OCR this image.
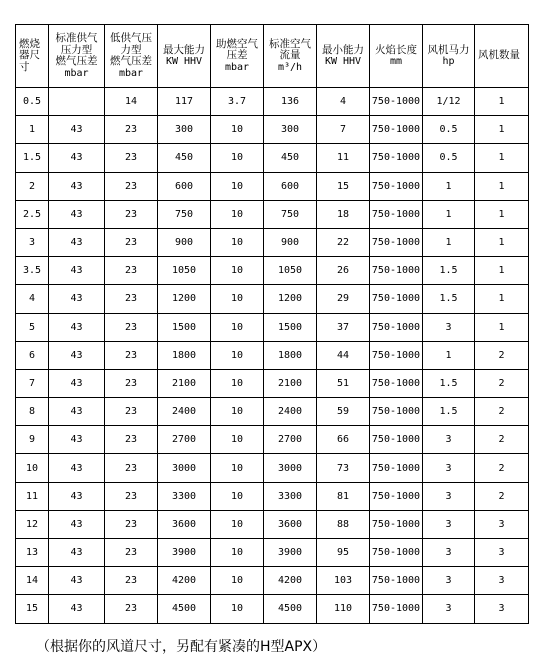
燃烧
器尺
寸	标准供气
压力型
燃气压差
mbar	低供气压
力型
燃气压差
mbar	最大能力
KW HHV	助燃空气
压差
mbar	标准空气
流量
m³/h	最小能力
KW HHV	火焰长度
mm	风机马力
hp	风机数量

0.5		14	117	3.7	136	4	750-1000	1/12	1
1	43	23	300	10	300	7	750-1000	0.5	1
1.5	43	23	450	10	450	11	750-1000	0.5	1
2	43	23	600	10	600	15	750-1000	1	1
2.5	43	23	750	10	750	18	750-1000	1	1
3	43	23	900	10	900	22	750-1000	1	1
3.5	43	23	1050	10	1050	26	750-1000	1.5	1
4	43	23	1200	10	1200	29	750-1000	1.5	1
5	43	23	1500	10	1500	37	750-1000	3	1
6	43	23	1800	10	1800	44	750-1000	1	2
7	43	23	2100	10	2100	51	750-1000	1.5	2
8	43	23	2400	10	2400	59	750-1000	1.5	2
9	43	23	2700	10	2700	66	750-1000	3	2
10	43	23	3000	10	3000	73	750-1000	3	2
11	43	23	3300	10	3300	81	750-1000	3	2
12	43	23	3600	10	3600	88	750-1000	3	3
13	43	23	3900	10	3900	95	750-1000	3	3
14	43	23	4200	10	4200	103	750-1000	3	3
15	43	23	4500	10	4500	110	750-1000	3	3
（根据你的风道尺寸，另配有紧凑的H型APX）
